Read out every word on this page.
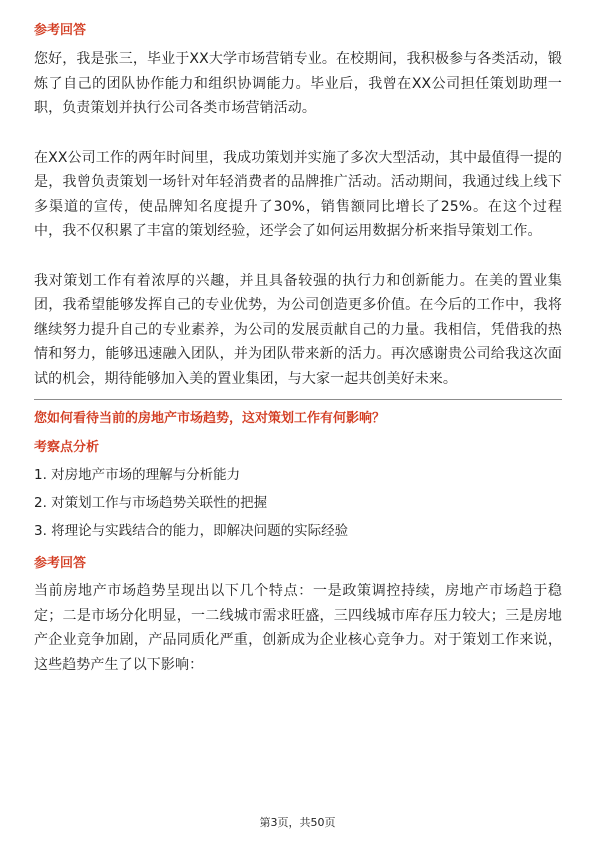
参考回答

您好，我是张三，毕业于XX大学市场营销专业。在校期间，我积极参与各类活动，锻炼了自己的团队协作能力和组织协调能力。毕业后，我曾在XX公司担任策划助理一职，负责策划并执行公司各类市场营销活动。

在XX公司工作的两年时间里，我成功策划并实施了多次大型活动，其中最值得一提的是，我曾负责策划一场针对年轻消费者的品牌推广活动。活动期间，我通过线上线下多渠道的宣传，使品牌知名度提升了30%，销售额同比增长了25%。在这个过程中，我不仅积累了丰富的策划经验，还学会了如何运用数据分析来指导策划工作。

我对策划工作有着浓厚的兴趣，并且具备较强的执行力和创新能力。在美的置业集团，我希望能够发挥自己的专业优势，为公司创造更多价值。在今后的工作中，我将继续努力提升自己的专业素养，为公司的发展贡献自己的力量。我相信，凭借我的热情和努力，能够迅速融入团队，并为团队带来新的活力。再次感谢贵公司给我这次面试的机会，期待能够加入美的置业集团，与大家一起共创美好未来。

您如何看待当前的房地产市场趋势，这对策划工作有何影响？

考察点分析

1. 对房地产市场的理解与分析能力

2. 对策划工作与市场趋势关联性的把握

3. 将理论与实践结合的能力，即解决问题的实际经验

参考回答

当前房地产市场趋势呈现出以下几个特点：一是政策调控持续，房地产市场趋于稳定；二是市场分化明显，一二线城市需求旺盛，三四线城市库存压力较大；三是房地产企业竞争加剧，产品同质化严重，创新成为企业核心竞争力。对于策划工作来说，这些趋势产生了以下影响：

第3页，共50页
